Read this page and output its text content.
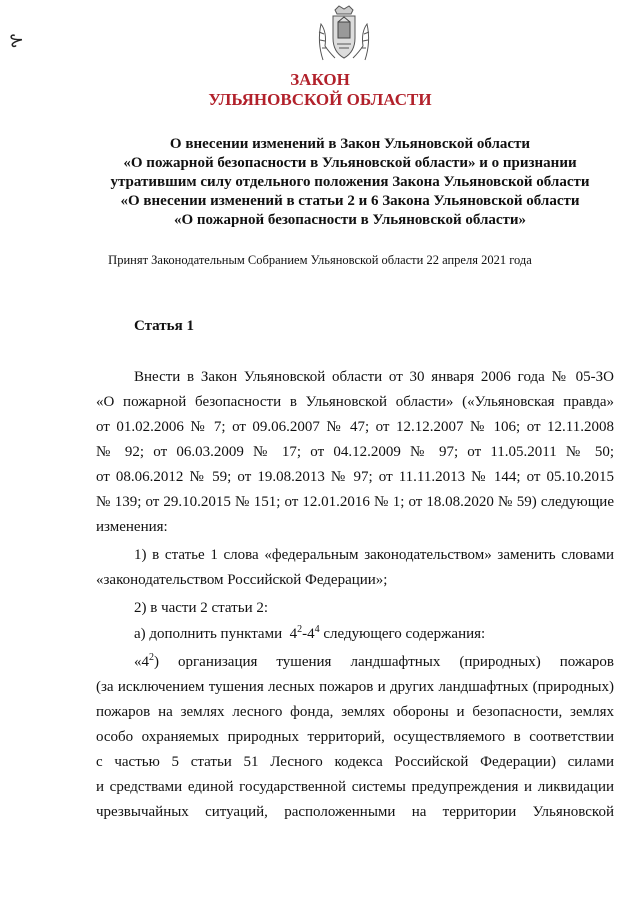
⊱
ЗАКОН
УЛЬЯНОВСКОЙ ОБЛАСТИ
О внесении изменений в Закон Ульяновской области
«О пожарной безопасности в Ульяновской области» и о признании
утратившим силу отдельного положения Закона Ульяновской области
«О внесении изменений в статьи 2 и 6 Закона Ульяновской области
«О пожарной безопасности в Ульяновской области»
Принят Законодательным Собранием Ульяновской области 22 апреля 2021 года
Статья 1
Внести в Закон Ульяновской области от 30 января 2006 года № 05-ЗО
«О пожарной безопасности в Ульяновской области» («Ульяновская правда»
от 01.02.2006 № 7; от 09.06.2007 № 47; от 12.12.2007 № 106; от 12.11.2008
№ 92; от 06.03.2009 № 17; от 04.12.2009 № 97; от 11.05.2011 № 50;
от 08.06.2012 № 59; от 19.08.2013 № 97; от 11.11.2013 № 144; от 05.10.2015
№ 139; от 29.10.2015 № 151; от 12.01.2016 № 1; от 18.08.2020 № 59) следующие
изменения:
1) в статье 1 слова «федеральным законодательством» заменить словами
«законодательством Российской Федерации»;
2) в части 2 статьи 2:
а) дополнить пунктами $4^2-4^4$ следующего содержания:
«$4^2$) организация тушения ландшафтных (природных) пожаров
(за исключением тушения лесных пожаров и других ландшафтных (природных)
пожаров на землях лесного фонда, землях обороны и безопасности, землях
особо охраняемых природных территорий, осуществляемого в соответствии
с частью 5 статьи 51 Лесного кодекса Российской Федерации) силами
и средствами единой государственной системы предупреждения и ликвидации
чрезвычайных ситуаций, расположенными на территории Ульяновской
